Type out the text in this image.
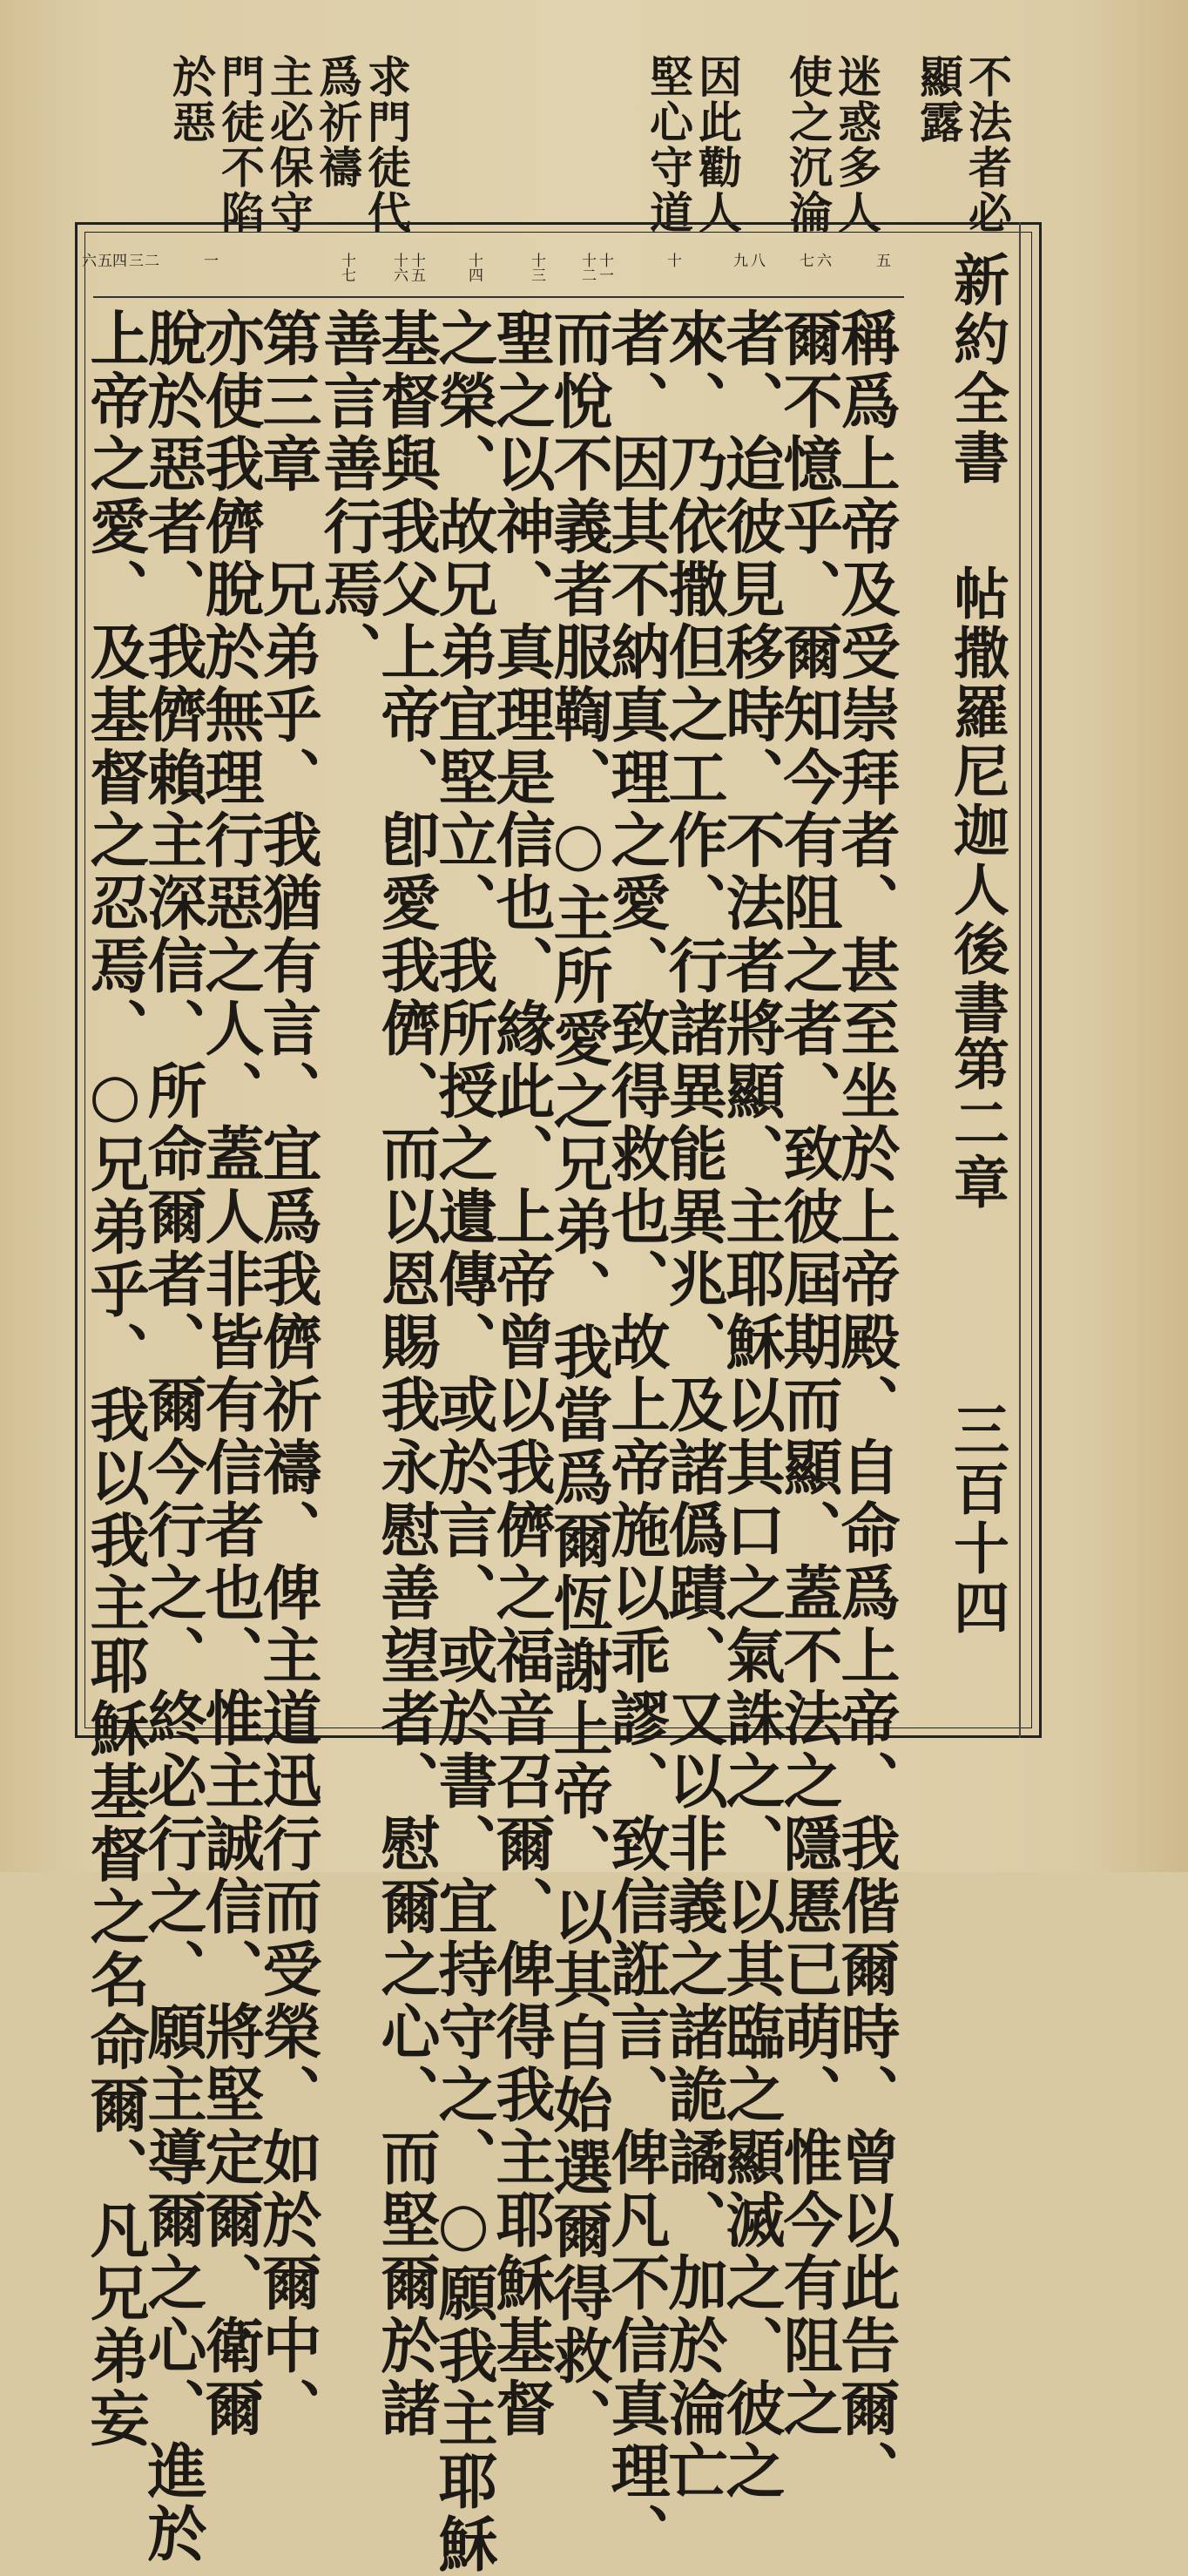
不法者必
顯露
迷惑多人
使之沉淪
因此勸人
堅心守道
求門徒代
爲祈禱
主必保守
門徒不陷
於惡
新約全書
帖撒羅尼迦人後書
第二章
三百十四
五
六
七
八
九
十
十一
十二
十三
十四
十五
十六
十七
一
二
三
四
五
六
稱爲上帝及受崇拜者、甚至坐於上帝殿、自命爲上帝、我偕爾時、曾以此告爾、
爾不憶乎、爾知今有阻之者、致彼屆期而顯、蓋不法之隱慝已萌、惟今有阻之
者、迨彼見移時、不法者將顯、主耶穌以其口之氣誅之、以其臨之顯滅之、彼之
來、乃依撒但之工作、行諸異能異兆、及諸僞蹟、又以非義之諸詭譎、加於淪亡
者、因其不納真理之愛、致得救也、故上帝施以乖謬、致信誑言、俾凡不信真理、
而悅不義者服鞫、○主所愛之兄弟、我當爲爾恆謝上帝、以其自始選爾得救、
聖之以神、真理是信也、緣此、上帝曾以我儕之福音召爾、俾得我主耶穌基督
之榮、故兄弟宜堅立、我所授之遺傳、或於言、或於書、宜持守之、○願我主耶穌
基督與我父上帝、卽愛我儕、而以恩賜我永慰善望者、慰爾之心、而堅爾於諸
善言善行焉、
第三章　兄弟乎、我猶有言、宜爲我儕祈禱、俾主道迅行而受榮、如於爾中、
亦使我儕脫於無理行惡之人、蓋人非皆有信者也、惟主誠信、將堅定爾、衛爾
脫於惡者、我儕賴主深信、所命爾者、爾今行之、終必行之、願主導爾之心、進於
上帝之愛、及基督之忍焉、○兄弟乎、我以我主耶穌基督之名命爾、凡兄弟妄
